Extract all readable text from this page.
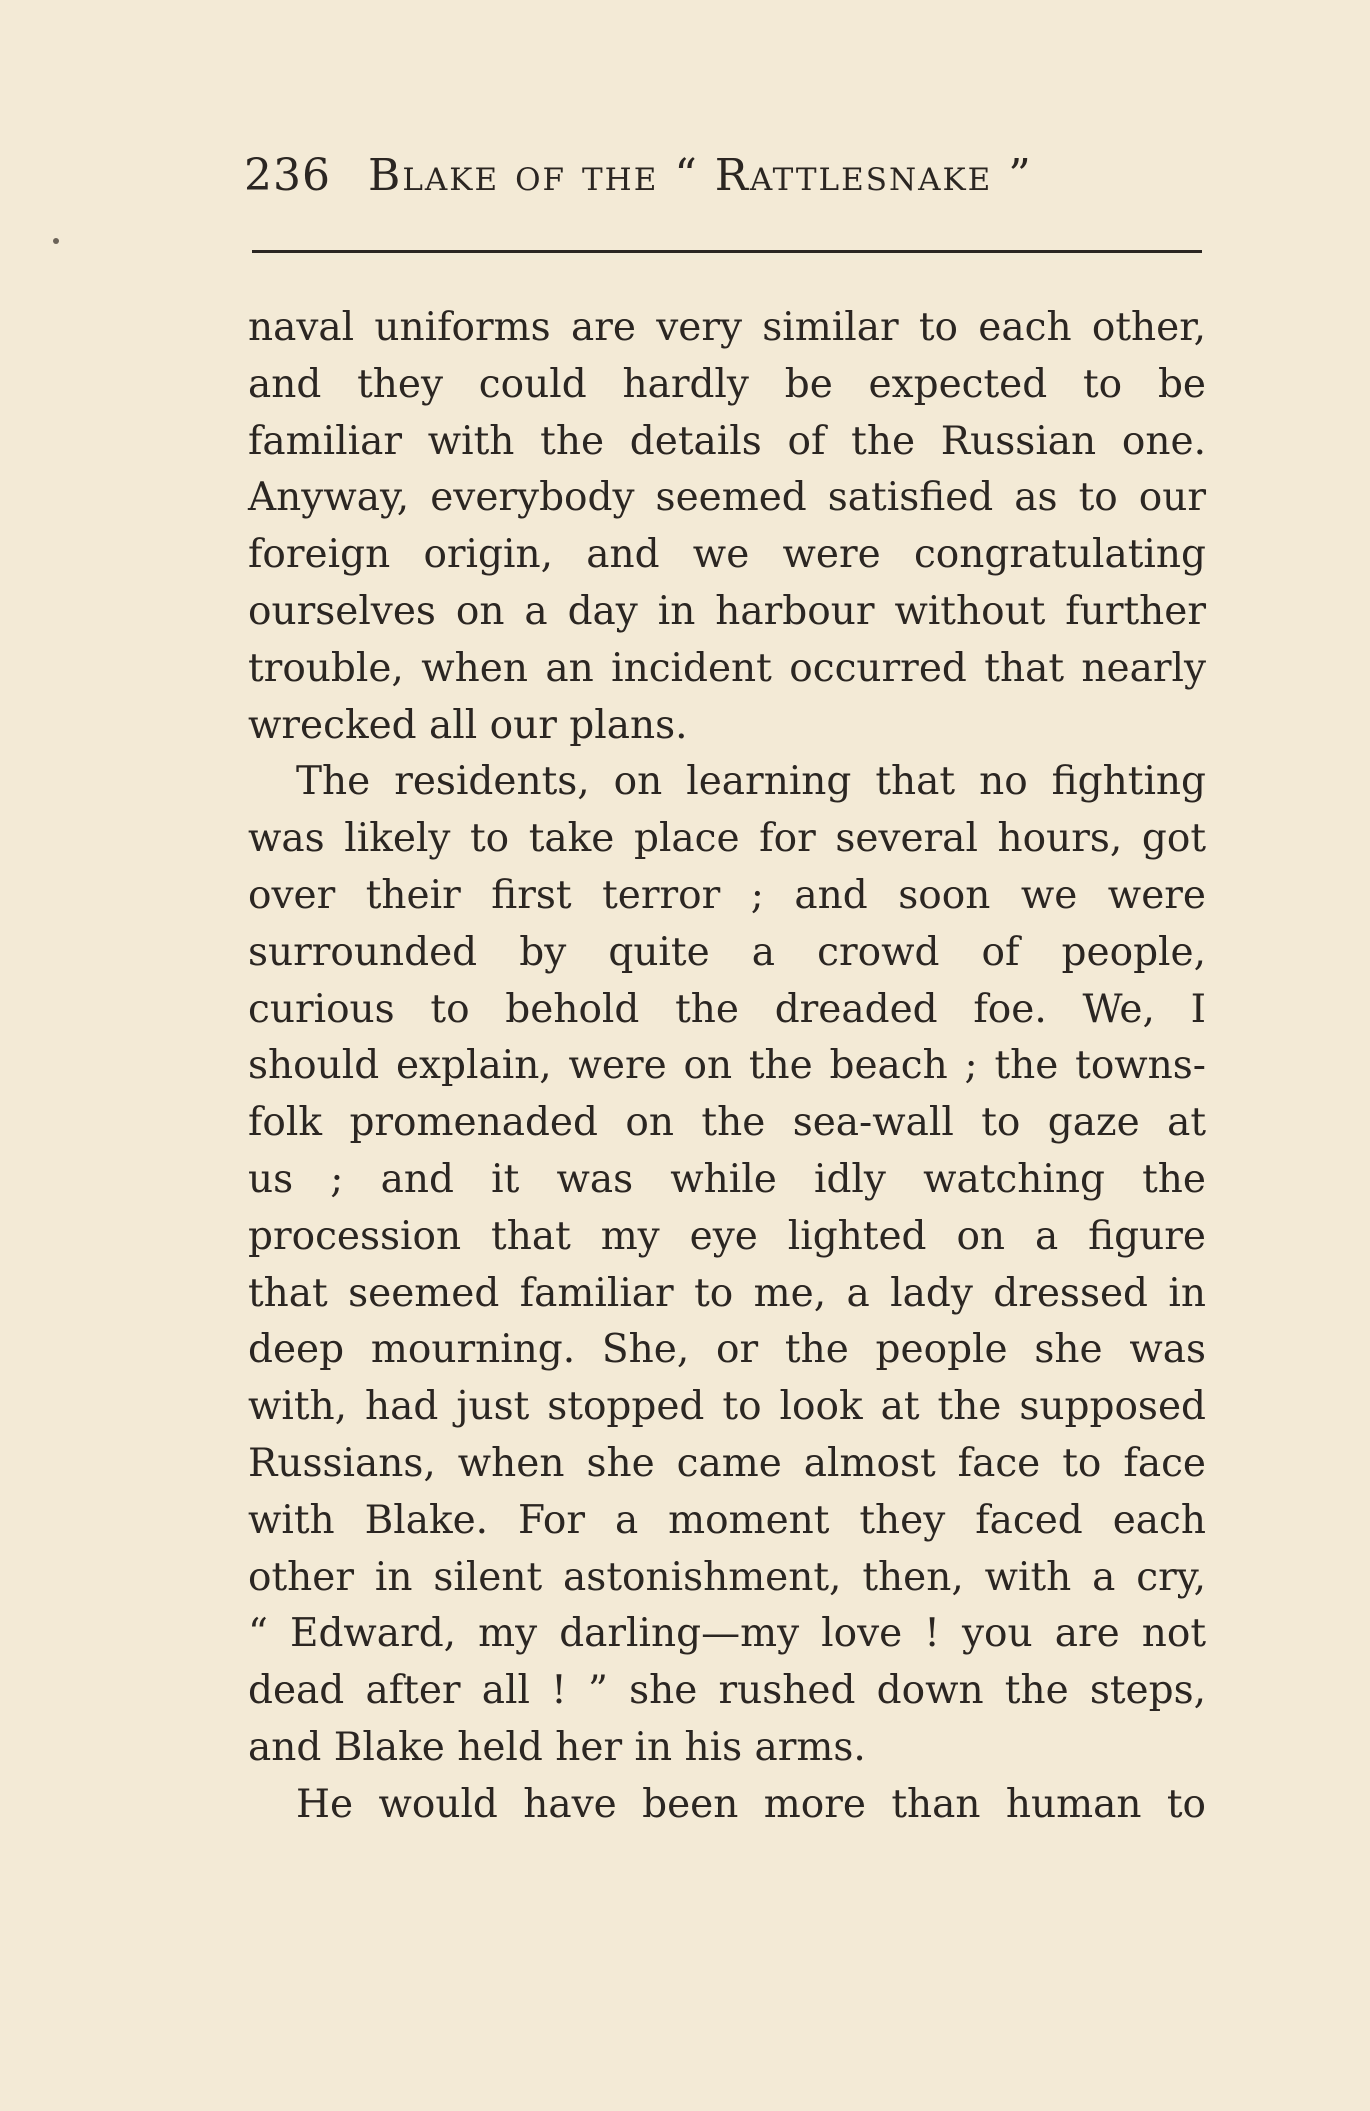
236 Blake of the “ Rattlesnake ”
naval uniforms are very similar to each other,
and they could hardly be expected to be
familiar with the details of the Russian one.
Anyway, everybody seemed satisfied as to our
foreign origin, and we were congratulating
ourselves on a day in harbour without further
trouble, when an incident occurred that nearly
wrecked all our plans.
The residents, on learning that no fighting
was likely to take place for several hours, got
over their first terror ; and soon we were
surrounded by quite a crowd of people,
curious to behold the dreaded foe. We, I
should explain, were on the beach ; the towns-
folk promenaded on the sea-wall to gaze at
us ; and it was while idly watching the
procession that my eye lighted on a figure
that seemed familiar to me, a lady dressed in
deep mourning. She, or the people she was
with, had just stopped to look at the supposed
Russians, when she came almost face to face
with Blake. For a moment they faced each
other in silent astonishment, then, with a cry,
“ Edward, my darling—my love ! you are not
dead after all ! ” she rushed down the steps,
and Blake held her in his arms.
He would have been more than human to
